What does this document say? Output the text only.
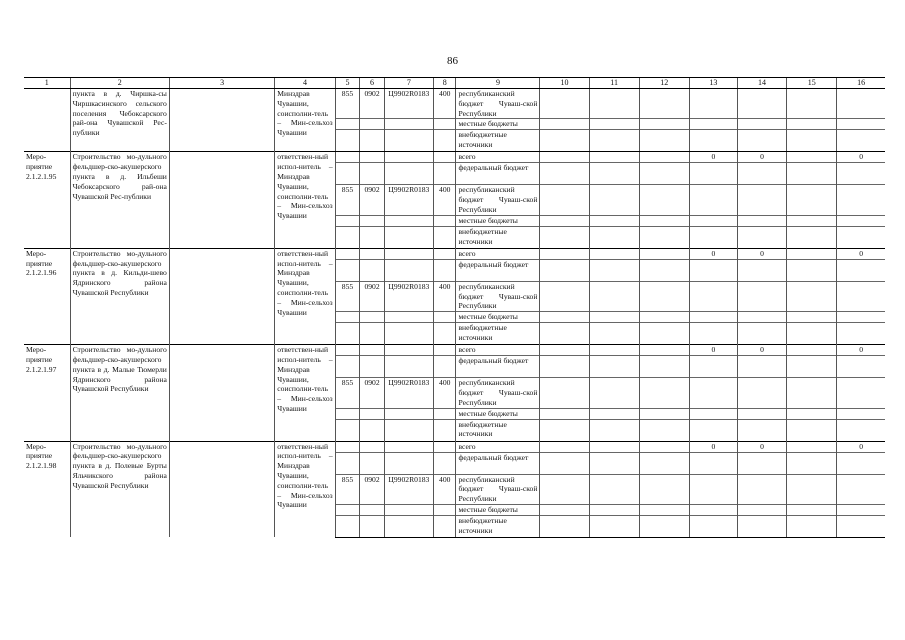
86
1	2	3	4	5	6	7	8	9	10	11	12	13	14	15	16
	пункта в д. Чиршка-сы Чиршкасинского сельского поселения Чебоксарского рай-она Чувашской Рес-публики		Минздрав Чувашии, соисполни-тель – Мин-сельхоз Чувашии	855	0902	Ц9902R0183	400	республиканский бюджет Чуваш-ской Республики							
								местные бюджеты							
								внебюджетные источники							
Меро-приятие 2.1.2.1.95	Строительство мо-дульного фельдшер-ско-акушерского пункта в д. Ильбеши Чебоксарского рай-она Чувашской Рес-публики		ответствен-ный испол-нитель – Минздрав Чувашии, соисполни-тель – Мин-сельхоз Чувашии					всего				0	0		0
								федеральный бюджет							
				855	0902	Ц9902R0183	400	республиканский бюджет Чуваш-ской Республики							
								местные бюджеты							
								внебюджетные источники							
Меро-приятие 2.1.2.1.96	Строительство мо-дульного фельдшер-ско-акушерского пункта в д. Кильди-шево Ядринского района Чувашской Республики		ответствен-ный испол-нитель – Минздрав Чувашии, соисполни-тель – Мин-сельхоз Чувашии					всего				0	0		0
								федеральный бюджет							
				855	0902	Ц9902R0183	400	республиканский бюджет Чуваш-ской Республики							
								местные бюджеты							
								внебюджетные источники							
Меро-приятие 2.1.2.1.97	Строительство мо-дульного фельдшер-ско-акушерского пункта в д. Малые Тюмерли Ядринского района Чувашской Республики		ответствен-ный испол-нитель – Минздрав Чувашии, соисполни-тель – Мин-сельхоз Чувашии					всего				0	0		0
								федеральный бюджет							
				855	0902	Ц9902R0183	400	республиканский бюджет Чуваш-ской Республики							
								местные бюджеты							
								внебюджетные источники							
Меро-приятие 2.1.2.1.98	Строительство мо-дульного фельдшер-ско-акушерского пункта в д. Полевые Бурты Яльчикского района Чувашской Республики		ответствен-ный испол-нитель – Минздрав Чувашии, соисполни-тель – Мин-сельхоз Чувашии					всего				0	0		0
								федеральный бюджет							
				855	0902	Ц9902R0183	400	республиканский бюджет Чуваш-ской Республики							
								местные бюджеты							
								внебюджетные источники							
